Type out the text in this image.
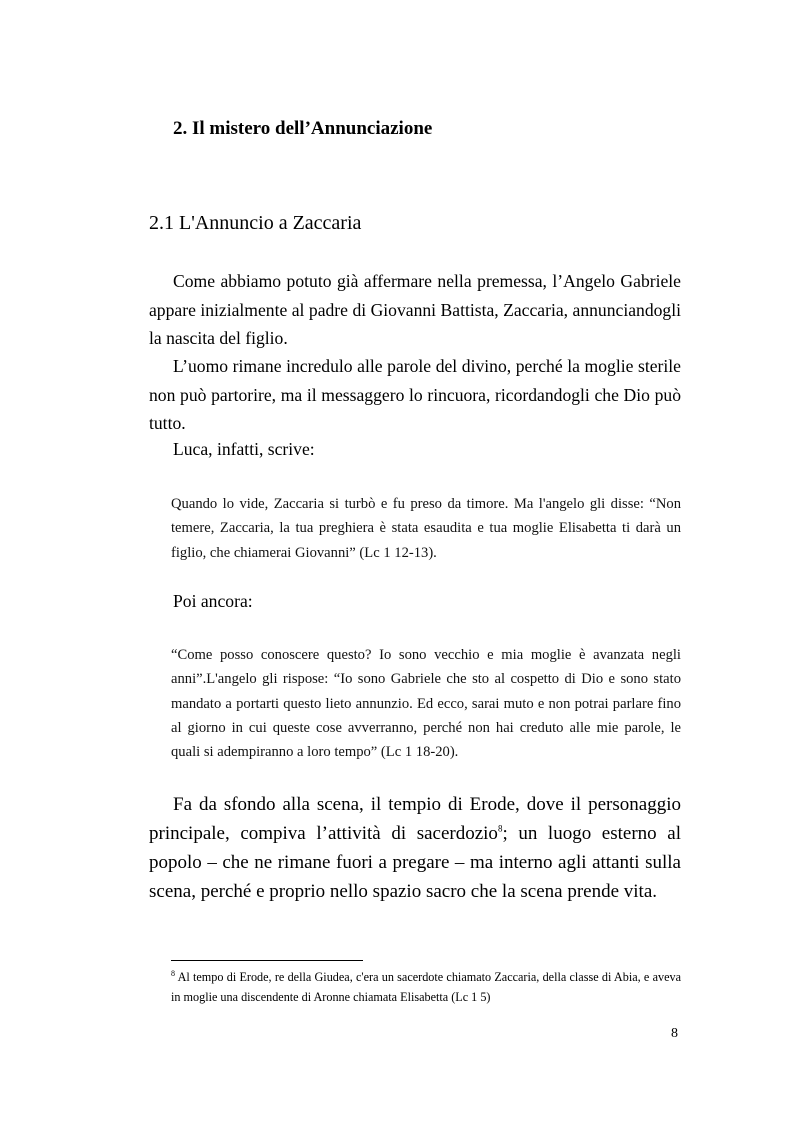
2. Il mistero dell’Annunciazione
2.1 L'Annuncio a Zaccaria

Come abbiamo potuto già affermare nella premessa, l’Angelo Gabriele appare inizialmente al padre di Giovanni Battista, Zaccaria, annunciandogli la nascita del figlio.

L’uomo rimane incredulo alle parole del divino, perché la moglie sterile non può partorire, ma il messaggero lo rincuora, ricordandogli che Dio può tutto.

Luca, infatti, scrive:

Quando lo vide, Zaccaria si turbò e fu preso da timore. Ma l'angelo gli disse: “Non temere, Zaccaria, la tua preghiera è stata esaudita e tua moglie Elisabetta ti darà un figlio, che chiamerai Giovanni” (Lc 1 12-13).

Poi ancora:

“Come posso conoscere questo? Io sono vecchio e mia moglie è avanzata negli anni”.L'angelo gli rispose: “Io sono Gabriele che sto al cospetto di Dio e sono stato mandato a portarti questo lieto annunzio. Ed ecco, sarai muto e non potrai parlare fino al giorno in cui queste cose avverranno, perché non hai creduto alle mie parole, le quali si adempiranno a loro tempo” (Lc 1 18-20).

Fa da sfondo alla scena, il tempio di Erode, dove il personaggio principale, compiva l’attività di sacerdozio$^8$; un luogo esterno al popolo – che ne rimane fuori a pregare – ma interno agli attanti sulla scena, perché e proprio nello spazio sacro che la scena prende vita.

$^8$ Al tempo di Erode, re della Giudea, c'era un sacerdote chiamato Zaccaria, della classe di Abia, e aveva in moglie una discendente di Aronne chiamata Elisabetta (Lc 1 5)

8
